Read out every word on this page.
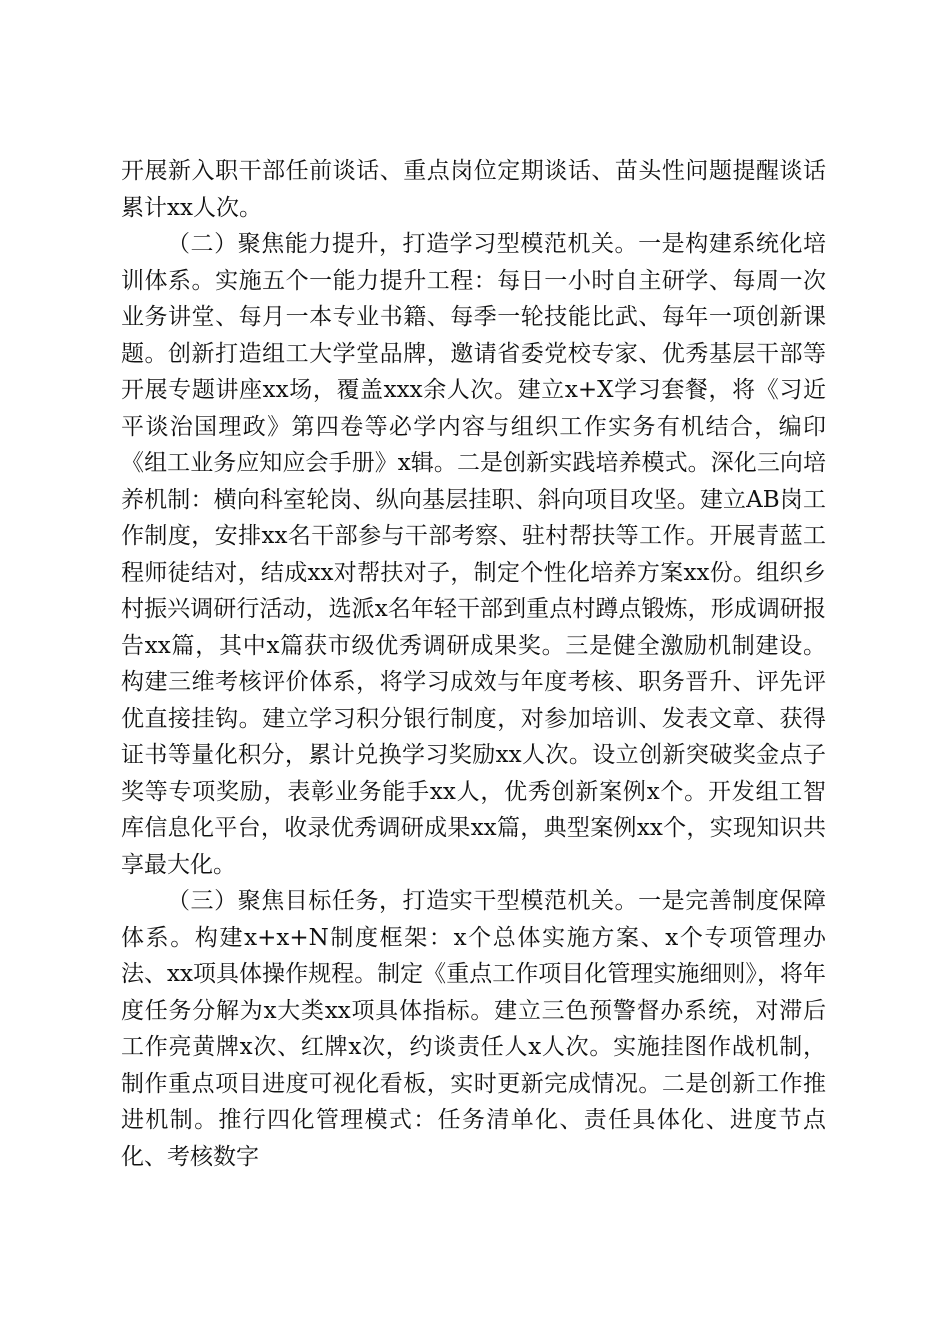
开展新入职干部任前谈话、重点岗位定期谈话、苗头性问题提醒谈话累计xx人次。

（二）聚焦能力提升，打造学习型模范机关。一是构建系统化培训体系。实施五个一能力提升工程：每日一小时自主研学、每周一次业务讲堂、每月一本专业书籍、每季一轮技能比武、每年一项创新课题。创新打造组工大学堂品牌，邀请省委党校专家、优秀基层干部等开展专题讲座xx场，覆盖xxx余人次。建立x+X学习套餐，将《习近平谈治国理政》第四卷等必学内容与组织工作实务有机结合，编印《组工业务应知应会手册》x辑。二是创新实践培养模式。深化三向培养机制：横向科室轮岗、纵向基层挂职、斜向项目攻坚。建立AB岗工作制度，安排xx名干部参与干部考察、驻村帮扶等工作。开展青蓝工程师徒结对，结成xx对帮扶对子，制定个性化培养方案xx份。组织乡村振兴调研行活动，选派x名年轻干部到重点村蹲点锻炼，形成调研报告xx篇，其中x篇获市级优秀调研成果奖。三是健全激励机制建设。构建三维考核评价体系，将学习成效与年度考核、职务晋升、评先评优直接挂钩。建立学习积分银行制度，对参加培训、发表文章、获得证书等量化积分，累计兑换学习奖励xx人次。设立创新突破奖金点子奖等专项奖励，表彰业务能手xx人，优秀创新案例x个。开发组工智库信息化平台，收录优秀调研成果xx篇，典型案例xx个，实现知识共享最大化。

（三）聚焦目标任务，打造实干型模范机关。一是完善制度保障体系。构建x+x+N制度框架：x个总体实施方案、x个专项管理办法、xx项具体操作规程。制定《重点工作项目化管理实施细则》，将年度任务分解为x大类xx项具体指标。建立三色预警督办系统，对滞后工作亮黄牌x次、红牌x次，约谈责任人x人次。实施挂图作战机制，制作重点项目进度可视化看板，实时更新完成情况。二是创新工作推进机制。推行四化管理模式：任务清单化、责任具体化、进度节点化、考核数字
